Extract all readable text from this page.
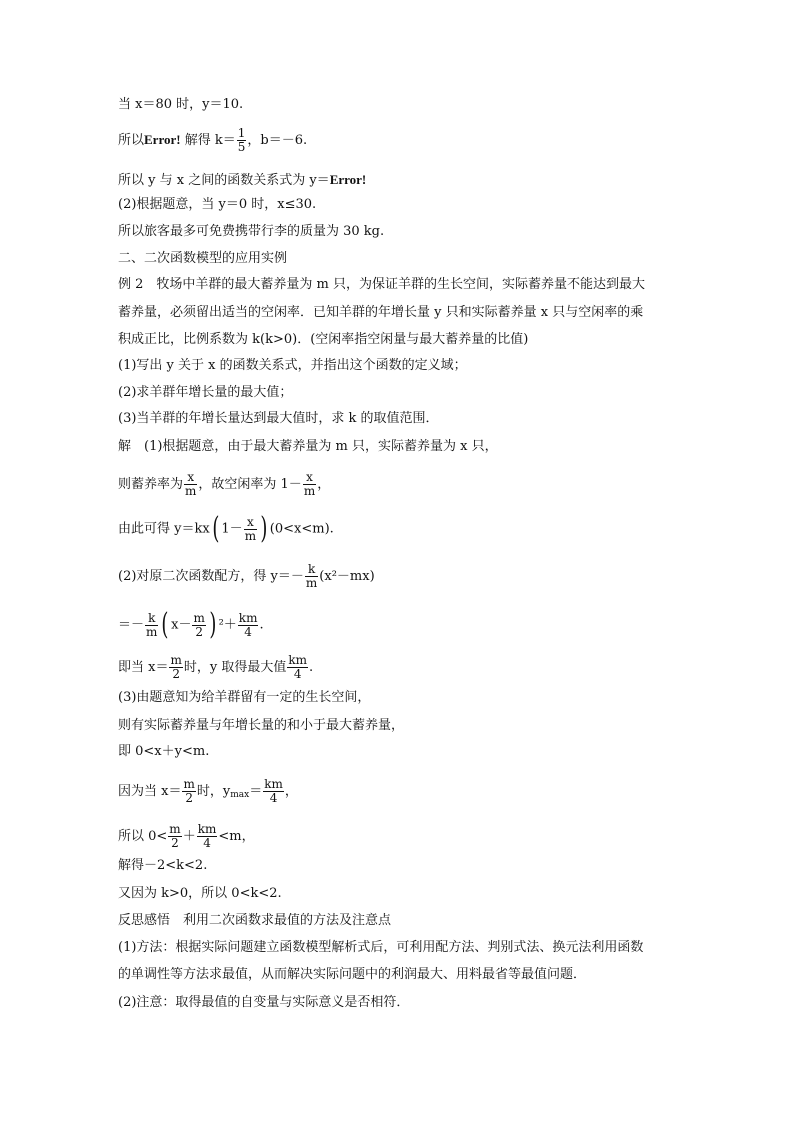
当 x＝80 时，y＝10.
所以Error! 解得 $k= \frac{1}{5}$ ，b＝－6.
所以 y 与 x 之间的函数关系式为 y＝Error!
(2)根据题意，当 y＝0 时，x≤30.
所以旅客最多可免费携带行李的质量为 30 kg.
二、二次函数模型的应用实例
例 2　牧场中羊群的最大蓄养量为 m 只，为保证羊群的生长空间，实际蓄养量不能达到最大
蓄养量，必须留出适当的空闲率．已知羊群的年增长量 y 只和实际蓄养量 x 只与空闲率的乘
积成正比，比例系数为 k(k>0)．(空闲率指空闲量与最大蓄养量的比值)
(1)写出 y 关于 x 的函数关系式，并指出这个函数的定义域；
(2)求羊群年增长量的最大值；
(3)当羊群的年增长量达到最大值时，求 k 的取值范围．
解　(1)根据题意，由于最大蓄养量为 m 只，实际蓄养量为 x 只，
则蓄养率为 $\frac{x}{m}$ ，故空闲率为 $1- \frac{x}{m}$ ，
由此可得 y＝kx( $1- \frac{x}{m}$ ) (0<x<m).
(2)对原二次函数配方，得 $y=- \frac{k}{m} (x^2-mx)$
＝－ $\frac{k}{m}$ ( $x- \frac{m}{2}$ ) $^2+ \frac{km}{4}$ .
即当 $x= \frac{m}{2}$ 时，y 取得最大值 $\frac{km}{4}$ .
(3)由题意知为给羊群留有一定的生长空间，
则有实际蓄养量与年增长量的和小于最大蓄养量，
即 0<x＋y<m.
因为当 $x= \frac{m}{2}$ 时，$y_{max}= \frac{km}{4}$ ，
所以 $0< \frac{m}{2} + \frac{km}{4} <m$，
解得－2<k<2.
又因为 k>0，所以 0<k<2.
反思感悟　利用二次函数求最值的方法及注意点
(1)方法：根据实际问题建立函数模型解析式后，可利用配方法、判别式法、换元法利用函数
的单调性等方法求最值，从而解决实际问题中的利润最大、用料最省等最值问题．
(2)注意：取得最值的自变量与实际意义是否相符．
